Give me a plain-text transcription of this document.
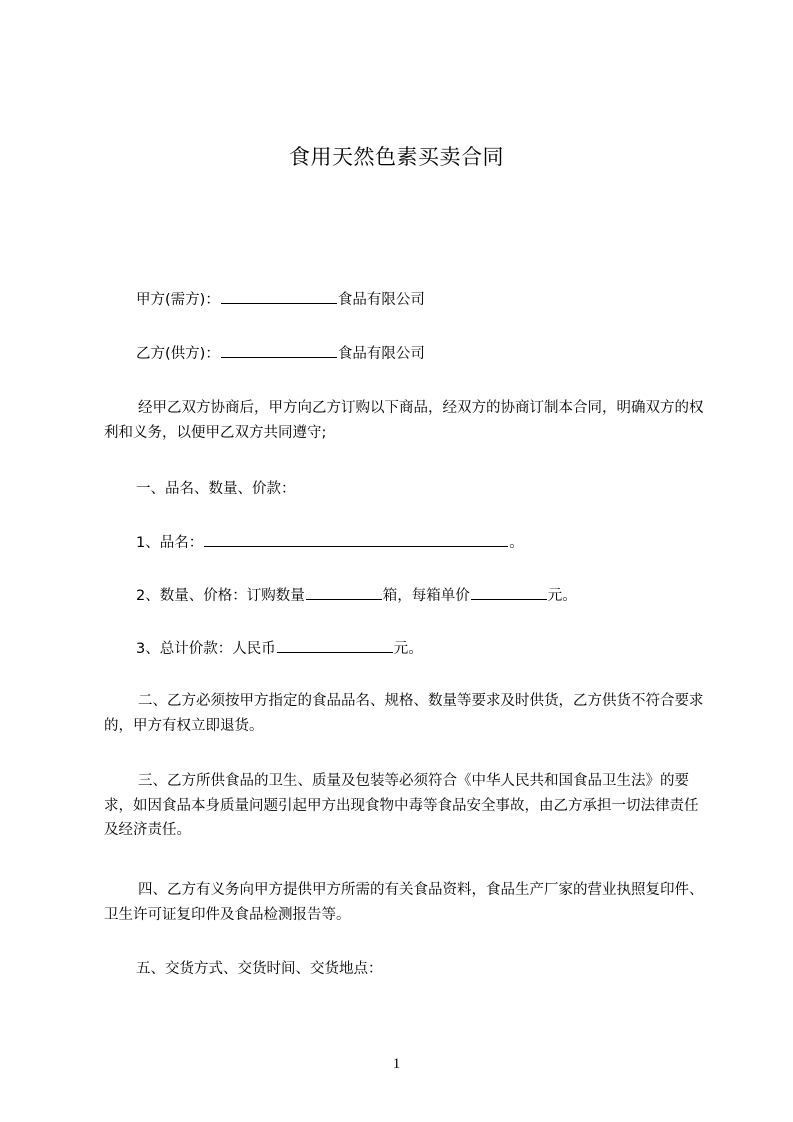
食用天然色素买卖合同
甲方(需方)：	食品有限公司
乙方(供方)：	食品有限公司
经甲乙双方协商后，甲方向乙方订购以下商品，经双方的协商订制本合同，明确双方的权利和义务，以便甲乙双方共同遵守;
一、品名、数量、价款：
1、品名：	。
2、数量、价格：订购数量	箱，每箱单价	元。
3、总计价款：人民币	元。
二、乙方必须按甲方指定的食品品名、规格、数量等要求及时供货，乙方供货不符合要求的，甲方有权立即退货。
三、乙方所供食品的卫生、质量及包装等必须符合《中华人民共和国食品卫生法》的要求，如因食品本身质量问题引起甲方出现食物中毒等食品安全事故，由乙方承担一切法律责任及经济责任。
四、乙方有义务向甲方提供甲方所需的有关食品资料，食品生产厂家的营业执照复印件、卫生许可证复印件及食品检测报告等。
五、交货方式、交货时间、交货地点：
1
